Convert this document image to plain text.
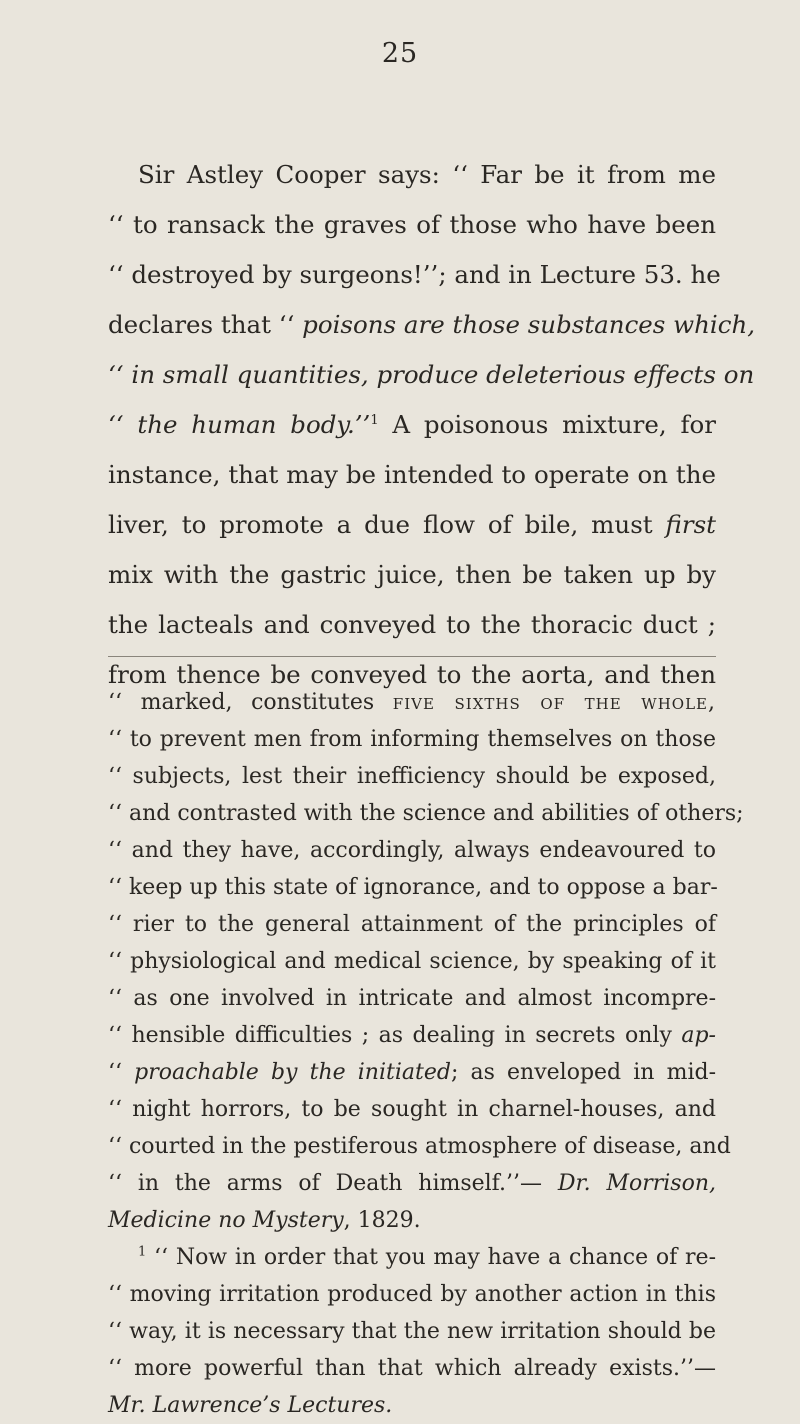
25
Sir Astley Cooper says: ‘‘ Far be it from me
‘‘ to ransack the graves of those who have been
‘‘ destroyed by surgeons!’’; and in Lecture 53. he
declares that ‘‘ poisons are those substances which,
‘‘ in small quantities, produce deleterious effects on
‘‘ the human body.’’$^1$ A poisonous mixture, for
instance, that may be intended to operate on the
liver, to promote a due flow of bile, must first
mix with the gastric juice, then be taken up by
the lacteals and conveyed to the thoracic duct ;
from thence be conveyed to the aorta, and then
‘‘ marked, constitutes five sixths of the whole,
‘‘ to prevent men from informing themselves on those
‘‘ subjects, lest their inefficiency should be exposed,
‘‘ and contrasted with the science and abilities of others;
‘‘ and they have, accordingly, always endeavoured to
‘‘ keep up this state of ignorance, and to oppose a bar-
‘‘ rier to the general attainment of the principles of
‘‘ physiological and medical science, by speaking of it
‘‘ as one involved in intricate and almost incompre-
‘‘ hensible difficulties ; as dealing in secrets only ap-
‘‘ proachable by the initiated; as enveloped in mid-
‘‘ night horrors, to be sought in charnel-houses, and
‘‘ courted in the pestiferous atmosphere of disease, and
‘‘ in the arms of Death himself.’’— Dr. Morrison,
Medicine no Mystery, 1829.
$^1$ ‘‘ Now in order that you may have a chance of re-
‘‘ moving irritation produced by another action in this
‘‘ way, it is necessary that the new irritation should be
‘‘ more powerful than that which already exists.’’—
Mr. Lawrence’s Lectures.
